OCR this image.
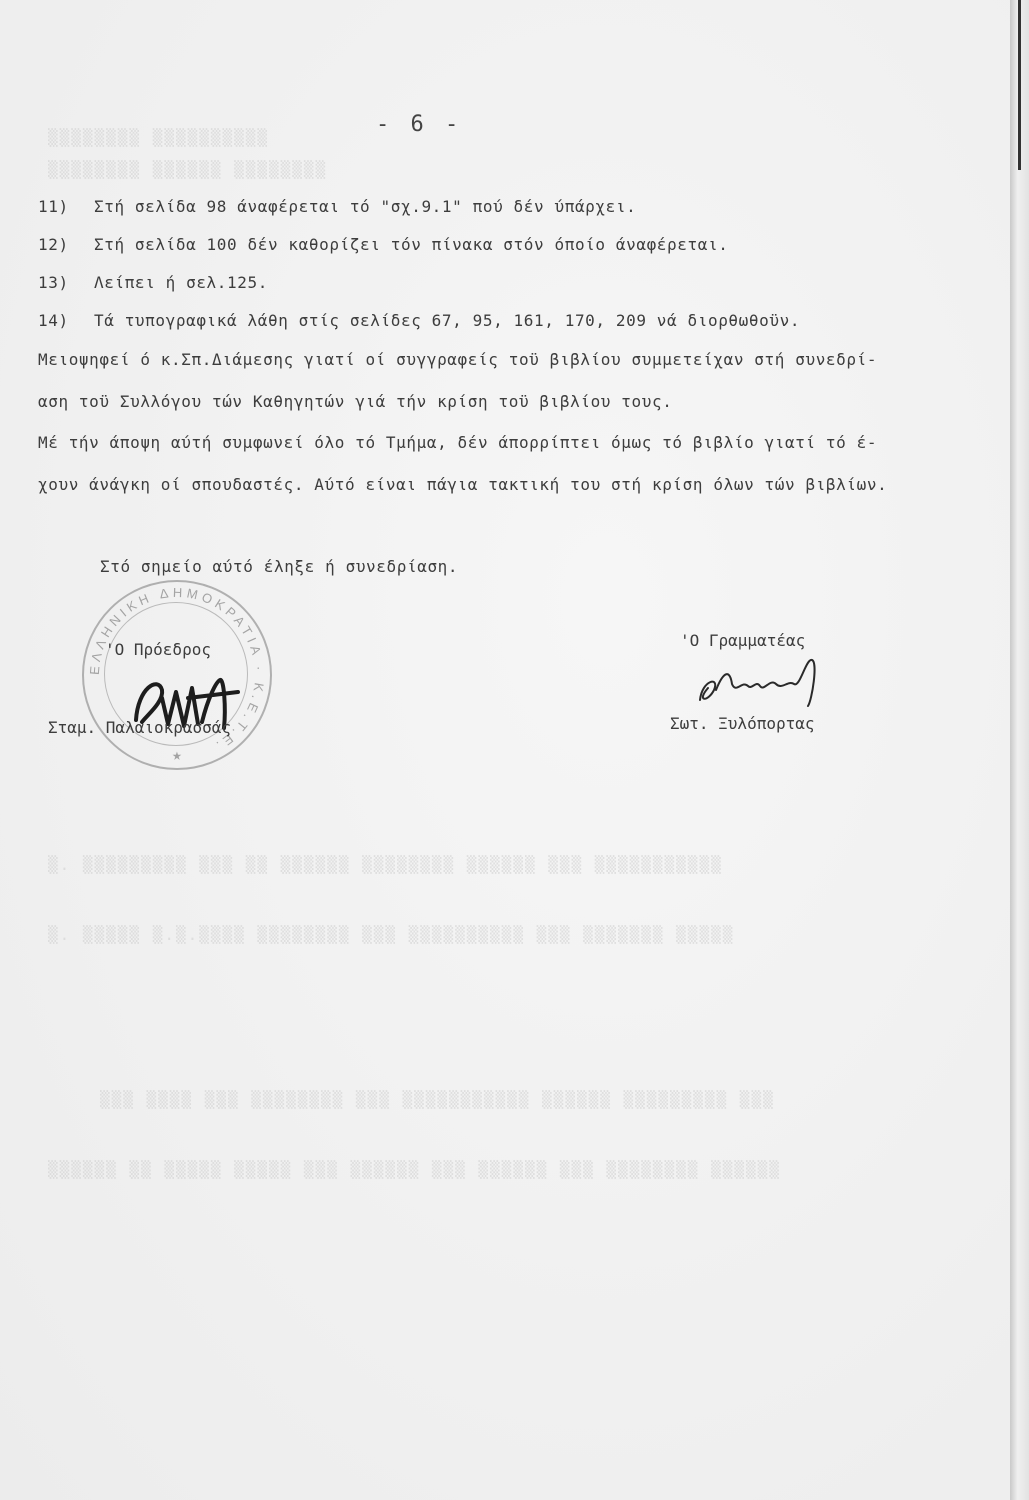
▒▒▒▒▒▒▒▒ ▒▒▒▒▒▒▒▒▒▒
▒▒▒▒▒▒▒▒ ▒▒▒▒▒▒ ▒▒▒▒▒▒▒▒
▒. ▒▒▒▒▒▒▒▒▒ ▒▒▒ ▒▒ ▒▒▒▒▒▒ ▒▒▒▒▒▒▒▒ ▒▒▒▒▒▒ ▒▒▒ ▒▒▒▒▒▒▒▒▒▒▒
▒. ▒▒▒▒▒ ▒.▒.▒▒▒▒ ▒▒▒▒▒▒▒▒ ▒▒▒ ▒▒▒▒▒▒▒▒▒▒ ▒▒▒ ▒▒▒▒▒▒▒ ▒▒▒▒▒
▒▒▒ ▒▒▒▒ ▒▒▒ ▒▒▒▒▒▒▒▒ ▒▒▒ ▒▒▒▒▒▒▒▒▒▒▒ ▒▒▒▒▒▒ ▒▒▒▒▒▒▒▒▒ ▒▒▒
▒▒▒▒▒▒ ▒▒ ▒▒▒▒▒ ▒▒▒▒▒ ▒▒▒ ▒▒▒▒▒▒ ▒▒▒ ▒▒▒▒▒▒ ▒▒▒ ▒▒▒▒▒▒▒▒ ▒▒▒▒▒▒
- 6 -
11) Στή σελίδα 98 άναφέρεται τό "σχ.9.1" πού δέν ύπάρχει.
12) Στή σελίδα 100 δέν καθορίζει τόν πίνακα στόν όποίο άναφέρεται.
13) Λείπει ή σελ.125.
14) Τά τυπογραφικά λάθη στίς σελίδες 67, 95, 161, 170, 209 νά διορθωθοϋν.
Μειοψηφεί ό κ.Σπ.Διάμεσης γιατί οί συγγραφείς τοϋ βιβλίου συμμετείχαν στή συνεδρί-
αση τοϋ Συλλόγου τών Καθηγητών γιά τήν κρίση τοϋ βιβλίου τους.
Μέ τήν άποψη αύτή συμφωνεί όλο τό Τμήμα, δέν άπορρίπτει όμως τό βιβλίο γιατί τό έ-
χουν άνάγκη οί σπουδαστές. Αύτό είναι πάγια τακτική του στή κρίση όλων τών βιβλίων.
Στό σημείο αύτό έληξε ή συνεδρίαση.
ΕΛΛΗΝΙΚΗ ΔΗΜΟΚΡΑΤΙΑ · Κ.Ε.Τ.Ε.
★
'Ο Πρόεδρος
Σταμ. Παλαιοκρασσάς
'Ο Γραμματέας
Σωτ. Ξυλόπορτας
